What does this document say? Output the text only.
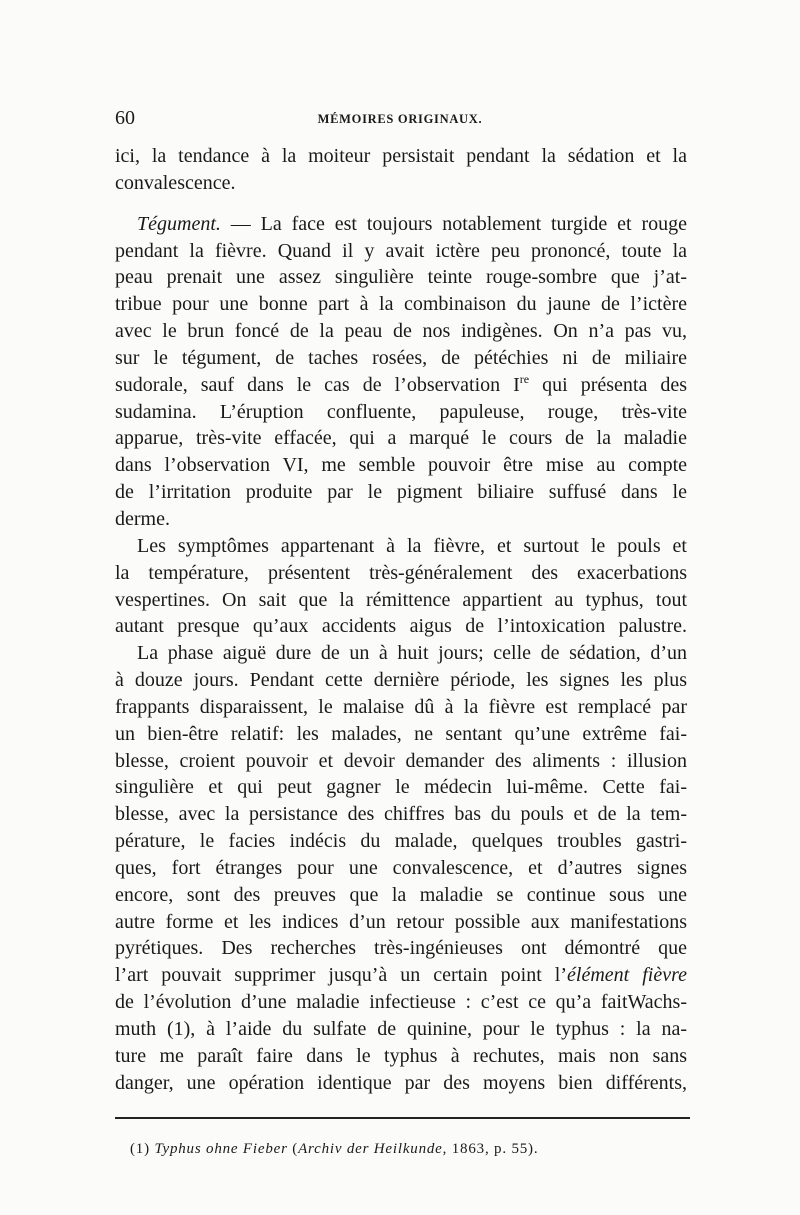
60	MÉMOIRES ORIGINAUX.
ici, la tendance à la moiteur persistait pendant la sédation et la
convalescence.
Tégument. — La face est toujours notablement turgide et rouge
pendant la fièvre. Quand il y avait ictère peu prononcé, toute la
peau prenait une assez singulière teinte rouge-sombre que j’at-
tribue pour une bonne part à la combinaison du jaune de l’ictère
avec le brun foncé de la peau de nos indigènes. On n’a pas vu,
sur le tégument, de taches rosées, de pétéchies ni de miliaire
sudorale, sauf dans le cas de l’observation Ire qui présenta des
sudamina. L’éruption confluente, papuleuse, rouge, très-vite
apparue, très-vite effacée, qui a marqué le cours de la maladie
dans l’observation VI, me semble pouvoir être mise au compte
de l’irritation produite par le pigment biliaire suffusé dans le
derme.
Les symptômes appartenant à la fièvre, et surtout le pouls et
la température, présentent très-généralement des exacerbations
vespertines. On sait que la rémittence appartient au typhus, tout
autant presque qu’aux accidents aigus de l’intoxication palustre.
La phase aiguë dure de un à huit jours; celle de sédation, d’un
à douze jours. Pendant cette dernière période, les signes les plus
frappants disparaissent, le malaise dû à la fièvre est remplacé par
un bien-être relatif: les malades, ne sentant qu’une extrême fai-
blesse, croient pouvoir et devoir demander des aliments : illusion
singulière et qui peut gagner le médecin lui-même. Cette fai-
blesse, avec la persistance des chiffres bas du pouls et de la tem-
pérature, le facies indécis du malade, quelques troubles gastri-
ques, fort étranges pour une convalescence, et d’autres signes
encore, sont des preuves que la maladie se continue sous une
autre forme et les indices d’un retour possible aux manifestations
pyrétiques. Des recherches très-ingénieuses ont démontré que
l’art pouvait supprimer jusqu’à un certain point l’élément fièvre
de l’évolution d’une maladie infectieuse : c’est ce qu’a faitWachs-
muth (1), à l’aide du sulfate de quinine, pour le typhus : la na-
ture me paraît faire dans le typhus à rechutes, mais non sans
danger, une opération identique par des moyens bien différents,
(1) Typhus ohne Fieber (Archiv der Heilkunde, 1863, p. 55).
